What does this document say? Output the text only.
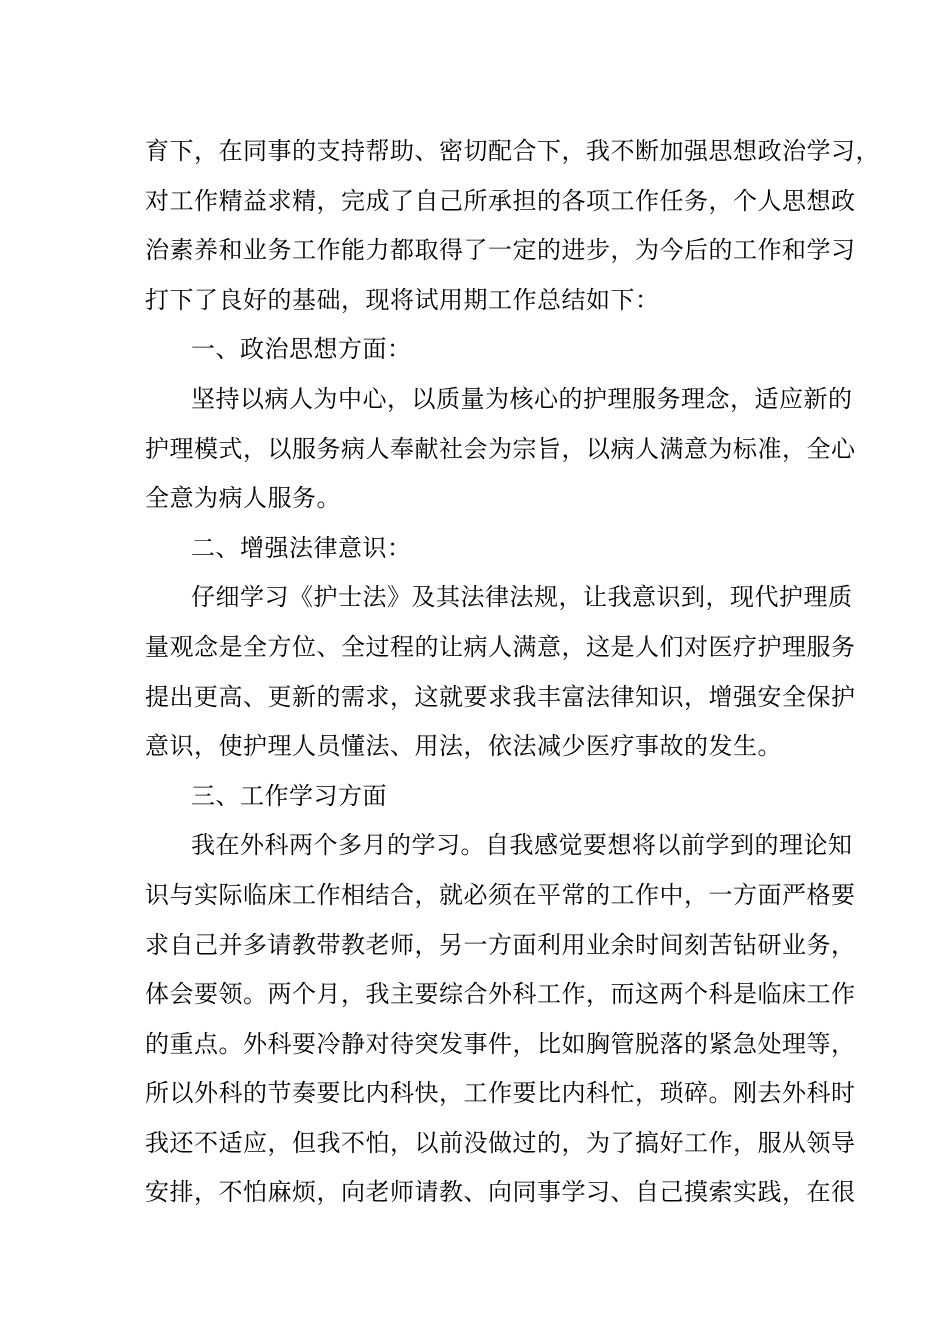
育下，在同事的支持帮助、密切配合下，我不断加强思想政治学习，
对工作精益求精，完成了自己所承担的各项工作任务，个人思想政
治素养和业务工作能力都取得了一定的进步，为今后的工作和学习
打下了良好的基础，现将试用期工作总结如下：

一、政治思想方面：

坚持以病人为中心，以质量为核心的护理服务理念，适应新的
护理模式，以服务病人奉献社会为宗旨，以病人满意为标准，全心
全意为病人服务。

二、增强法律意识：

仔细学习《护士法》及其法律法规，让我意识到，现代护理质
量观念是全方位、全过程的让病人满意，这是人们对医疗护理服务
提出更高、更新的需求，这就要求我丰富法律知识，增强安全保护
意识，使护理人员懂法、用法，依法减少医疗事故的发生。

三、工作学习方面

我在外科两个多月的学习。自我感觉要想将以前学到的理论知
识与实际临床工作相结合，就必须在平常的工作中，一方面严格要
求自己并多请教带教老师，另一方面利用业余时间刻苦钻研业务，
体会要领。两个月，我主要综合外科工作，而这两个科是临床工作
的重点。外科要冷静对待突发事件，比如胸管脱落的紧急处理等，
所以外科的节奏要比内科快，工作要比内科忙，琐碎。刚去外科时
我还不适应，但我不怕，以前没做过的，为了搞好工作，服从领导
安排，不怕麻烦，向老师请教、向同事学习、自己摸索实践，在很
